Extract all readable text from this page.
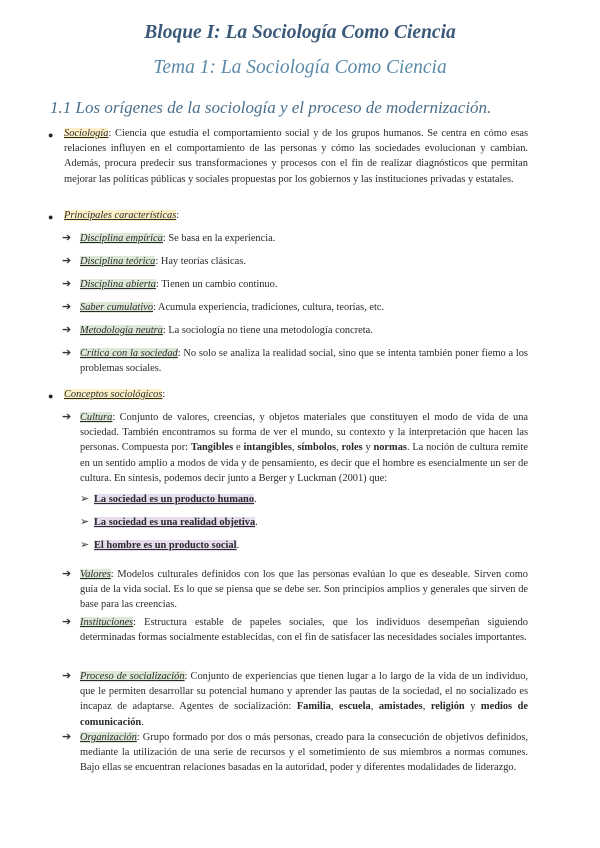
Bloque I: La Sociología Como Ciencia
Tema 1: La Sociología Como Ciencia
1.1 Los orígenes de la sociología y el proceso de modernización.
● Sociología: Ciencia que estudia el comportamiento social y de los grupos humanos. Se centra en cómo esas relaciones influyen en el comportamiento de las personas y cómo las sociedades evolucionan y cambian. Además, procura predecir sus transformaciones y procesos con el fin de realizar diagnósticos que permitan mejorar las políticas públicas y sociales propuestas por los gobiernos y las instituciones privadas y estatales.
● Principales características:
➔ Disciplina empírica: Se basa en la experiencia.
➔ Disciplina teórica: Hay teorías clásicas.
➔ Disciplina abierta: Tienen un cambio continuo.
➔ Saber cumulativo: Acumula experiencia, tradiciones, cultura, teorías, etc.
➔ Metodología neutra: La sociología no tiene una metodología concreta.
➔ Crítica con la sociedad: No solo se analiza la realidad social, sino que se intenta también poner fiemo a los problemas sociales.
● Conceptos sociológicos:
➔ Cultura: Conjunto de valores, creencias, y objetos materiales que constituyen el modo de vida de una sociedad. También encontramos su forma de ver el mundo, su contexto y la interpretación que hacen las personas. Compuesta por: Tangibles e intangibles, símbolos, roles y normas. La noción de cultura remite en un sentido amplio a modos de vida y de pensamiento, es decir que el hombre es esencialmente un ser de cultura. En síntesis, podemos decir junto a Berger y Luckman (2001) que:
➢ La sociedad es un producto humano.
➢ La sociedad es una realidad objetiva.
➢ El hombre es un producto social.
➔ Valores: Modelos culturales definidos con los que las personas evalúan lo que es deseable. Sirven como guía de la vida social. Es lo que se piensa que se debe ser. Son principios amplios y generales que sirven de base para las creencias.
➔ Instituciones: Estructura estable de papeles sociales, que los individuos desempeñan siguiendo determinadas formas socialmente establecidas, con el fin de satisfacer las necesidades sociales importantes.
➔ Proceso de socialización: Conjunto de experiencias que tienen lugar a lo largo de la vida de un individuo, que le permiten desarrollar su potencial humano y aprender las pautas de la sociedad, el no socializado es incapaz de adaptarse. Agentes de socialización: Familia, escuela, amistades, religión y medios de comunicación.
➔ Organización: Grupo formado por dos o más personas, creado para la consecución de objetivos definidos, mediante la utilización de una serie de recursos y el sometimiento de sus miembros a normas comunes. Bajo ellas se encuentran relaciones basadas en la autoridad, poder y diferentes modalidades de liderazgo.
